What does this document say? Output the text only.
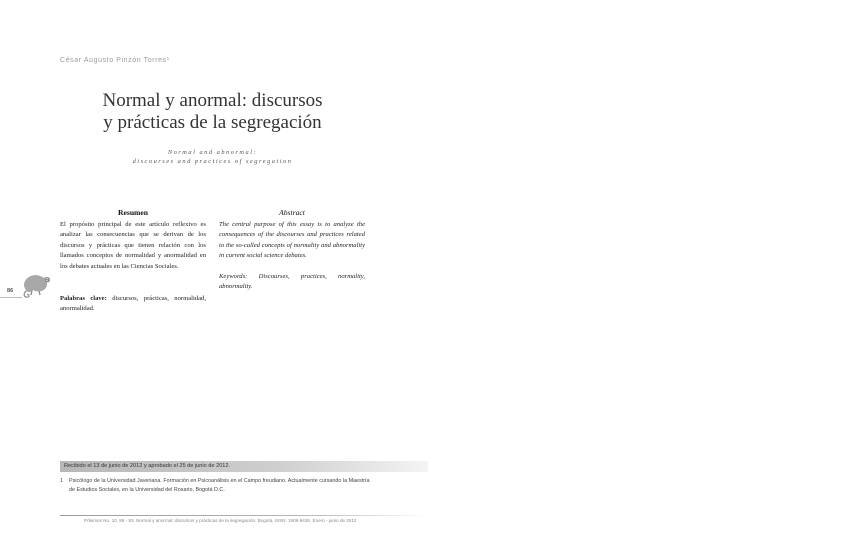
César Augusto Pinzón Torres¹
Normal y anormal: discursos
y prácticas de la segregación
Normal and abnormal:
discourses and practices of segregation
Resumen	Abstract
El propósito principal de este artículo reflexivo es analizar las consecuencias que se derivan de los discursos y prácticas que tienen relación con los llamados conceptos de normalidad y anormalidad en los debates actuales en las Ciencias Sociales.
Palabras clave: discursos, prácticas, normalidad, anormalidad.
The central purpose of this essay is to analyze the consequences of the discourses and practices related to the so-called concepts of normality and abnormality in current social science debates.
Keywords: Discourses, practices, normality, abnormality.
86
Recibido el 13 de junio de 2012 y aprobado el 25 de junio de 2012.
1 Psicólogo de la Universidad Javeriana. Formación en Psicoanálisis en el Campo freudiano. Actualmente cursando la Maestría de Estudios Sociales, en la Universidad del Rosario, Bogotá D.C.
Pólemos No. 10, 86 - 93. Normal y anormal: discursos y prácticas de la segregación. Bogotá, ISSN: 1909-9436. Enero - junio de 2012
